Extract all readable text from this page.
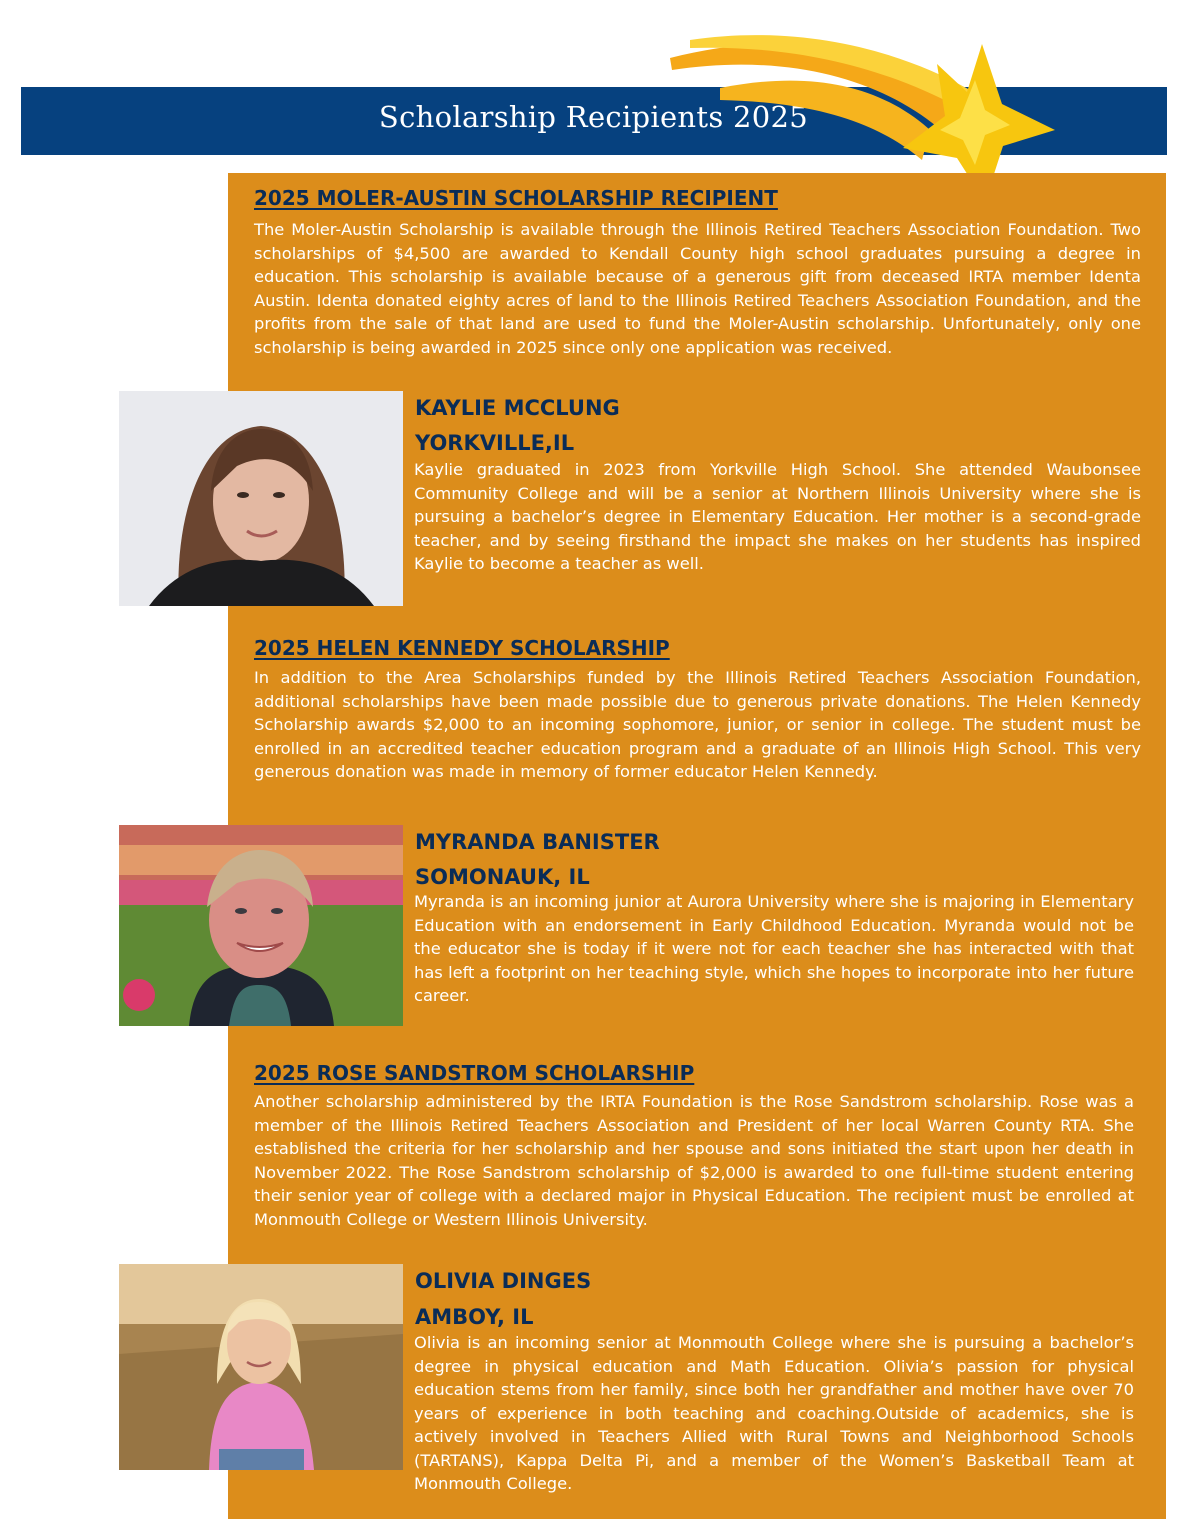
Scholarship Recipients 2025
2025 MOLER-AUSTIN SCHOLARSHIP RECIPIENT

The Moler-Austin Scholarship is available through the Illinois Retired Teachers Association Foundation. Two scholarships of $4,500 are awarded to Kendall County high school graduates pursuing a degree in education. This scholarship is available because of a generous gift from deceased IRTA member Identa Austin. Identa donated eighty acres of land to the Illinois Retired Teachers Association Foundation, and the profits from the sale of that land are used to fund the Moler-Austin scholarship. Unfortunately, only one scholarship is being awarded in 2025 since only one application was received.

KAYLIE MCCLUNG
YORKVILLE,IL

Kaylie graduated in 2023 from Yorkville High School. She attended Waubonsee Community College and will be a senior at Northern Illinois University where she is pursuing a bachelor’s degree in Elementary Education. Her mother is a second-grade teacher, and by seeing firsthand the impact she makes on her students has inspired Kaylie to become a teacher as well.

2025 HELEN KENNEDY SCHOLARSHIP

In addition to the Area Scholarships funded by the Illinois Retired Teachers Association Foundation, additional scholarships have been made possible due to generous private donations. The Helen Kennedy Scholarship awards $2,000 to an incoming sophomore, junior, or senior in college. The student must be enrolled in an accredited teacher education program and a graduate of an Illinois High School. This very generous donation was made in memory of former educator Helen Kennedy.

MYRANDA BANISTER
SOMONAUK, IL

Myranda is an incoming junior at Aurora University where she is majoring in Elementary Education with an endorsement in Early Childhood Education. Myranda would not be the educator she is today if it were not for each teacher she has interacted with that has left a footprint on her teaching style, which she hopes to incorporate into her future career.

2025 ROSE SANDSTROM SCHOLARSHIP

Another scholarship administered by the IRTA Foundation is the Rose Sandstrom scholarship. Rose was a member of the Illinois Retired Teachers Association and President of her local Warren County RTA. She established the criteria for her scholarship and her spouse and sons initiated the start upon her death in November 2022. The Rose Sandstrom scholarship of $2,000 is awarded to one full-time student entering their senior year of college with a declared major in Physical Education. The recipient must be enrolled at Monmouth College or Western Illinois University.

OLIVIA DINGES
AMBOY, IL

Olivia is an incoming senior at Monmouth College where she is pursuing a bachelor’s degree in physical education and Math Education. Olivia’s passion for physical education stems from her family, since both her grandfather and mother have over 70 years of experience in both teaching and coaching.Outside of academics, she is actively involved in Teachers Allied with Rural Towns and Neighborhood Schools (TARTANS), Kappa Delta Pi, and a member of the Women’s Basketball Team at Monmouth College.
